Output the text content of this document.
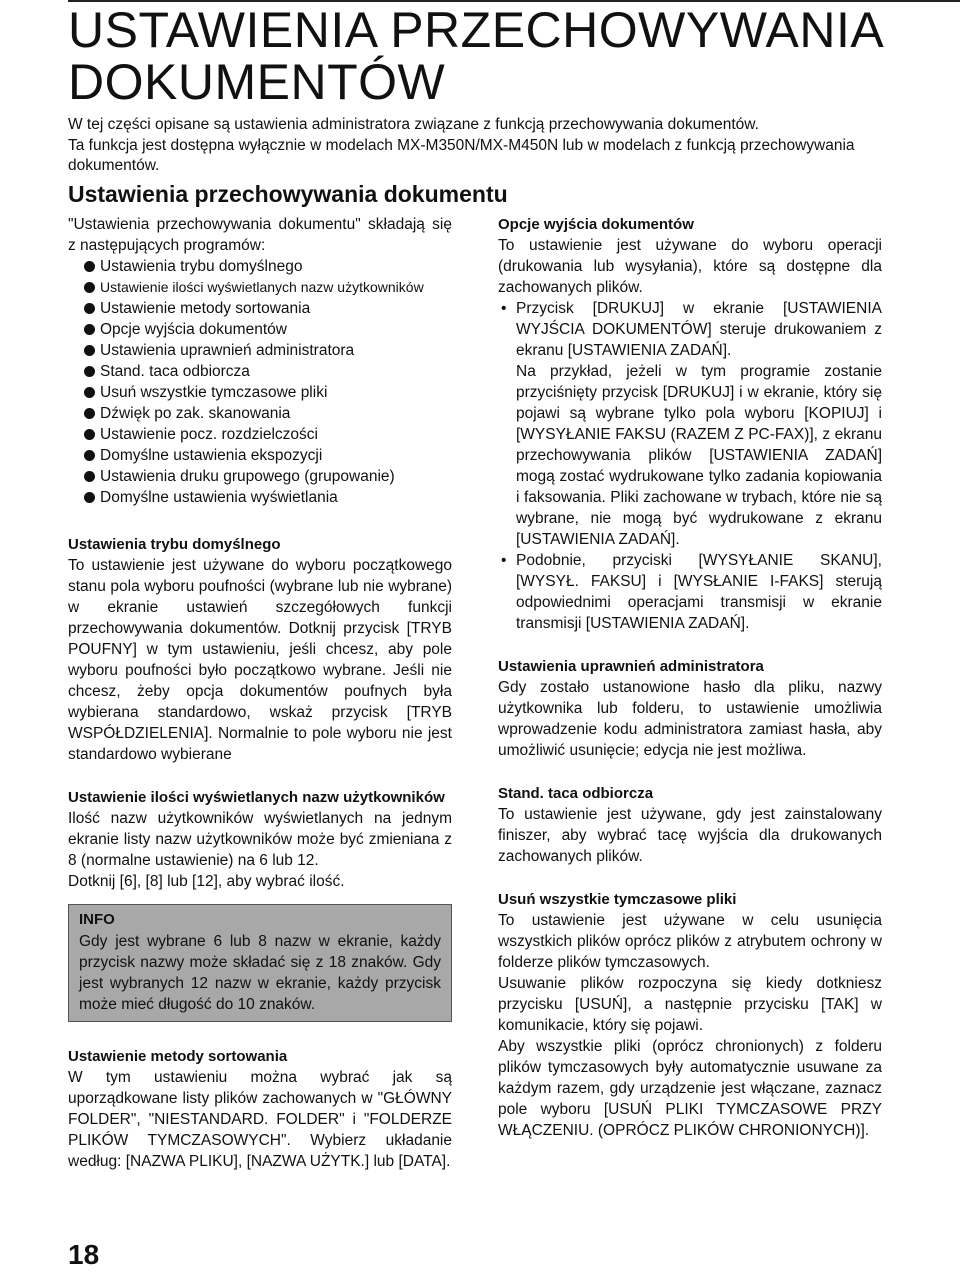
USTAWIENIA PRZECHOWYWANIA DOKUMENTÓW

W tej części opisane są ustawienia administratora związane z funkcją przechowywania dokumentów.

Ta funkcja jest dostępna wyłącznie w modelach MX-M350N/MX-M450N lub w modelach z funkcją przechowywania dokumentów.

Ustawienia przechowywania dokumentu

"Ustawienia przechowywania dokumentu" składają się z następujących programów:

Ustawienia trybu domyślnego
Ustawienie ilości wyświetlanych nazw użytkowników
Ustawienie metody sortowania
Opcje wyjścia dokumentów
Ustawienia uprawnień administratora
Stand. taca odbiorcza
Usuń wszystkie tymczasowe pliki
Dźwięk po zak. skanowania
Ustawienie pocz. rozdzielczości
Domyślne ustawienia ekspozycji
Ustawienia druku grupowego (grupowanie)
Domyślne ustawienia wyświetlania

Ustawienia trybu domyślnego

To ustawienie jest używane do wyboru początkowego stanu pola wyboru poufności (wybrane lub nie wybrane) w ekranie ustawień szczegółowych funkcji przechowywania dokumentów. Dotknij przycisk [TRYB POUFNY] w tym ustawieniu, jeśli chcesz, aby pole wyboru poufności było początkowo wybrane. Jeśli nie chcesz, żeby opcja dokumentów poufnych była wybierana standardowo, wskaż przycisk [TRYB WSPÓŁDZIELENIA]. Normalnie to pole wyboru nie jest standardowo wybierane

Ustawienie ilości wyświetlanych nazw użytkowników

Ilość nazw użytkowników wyświetlanych na jednym ekranie listy nazw użytkowników może być zmieniana z 8 (normalne ustawienie) na 6 lub 12.

Dotknij [6], [8] lub [12], aby wybrać ilość.

INFO

Gdy jest wybrane 6 lub 8 nazw w ekranie, każdy przycisk nazwy może składać się z 18 znaków. Gdy jest wybranych 12 nazw w ekranie, każdy przycisk może mieć długość do 10 znaków.

Ustawienie metody sortowania

W tym ustawieniu można wybrać jak są uporządkowane listy plików zachowanych w "GŁÓWNY FOLDER", "NIESTANDARD. FOLDER" i "FOLDERZE PLIKÓW TYMCZASOWYCH". Wybierz układanie według: [NAZWA PLIKU], [NAZWA UŻYTK.] lub [DATA].

Opcje wyjścia dokumentów

To ustawienie jest używane do wyboru operacji (drukowania lub wysyłania), które są dostępne dla zachowanych plików.

• Przycisk [DRUKUJ] w ekranie [USTAWIENIA WYJŚCIA DOKUMENTÓW] steruje drukowaniem z ekranu [USTAWIENIA ZADAŃ].

Na przykład, jeżeli w tym programie zostanie przyciśnięty przycisk [DRUKUJ] i w ekranie, który się pojawi są wybrane tylko pola wyboru [KOPIUJ] i [WYSYŁANIE FAKSU (RAZEM Z PC-FAX)], z ekranu przechowywania plików [USTAWIENIA ZADAŃ] mogą zostać wydrukowane tylko zadania kopiowania i faksowania. Pliki zachowane w trybach, które nie są wybrane, nie mogą być wydrukowane z ekranu [USTAWIENIA ZADAŃ].

• Podobnie, przyciski [WYSYŁANIE SKANU], [WYSYŁ. FAKSU] i [WYSŁANIE I-FAKS] sterują odpowiednimi operacjami transmisji w ekranie transmisji [USTAWIENIA ZADAŃ].

Ustawienia uprawnień administratora

Gdy zostało ustanowione hasło dla pliku, nazwy użytkownika lub folderu, to ustawienie umożliwia wprowadzenie kodu administratora zamiast hasła, aby umożliwić usunięcie; edycja nie jest możliwa.

Stand. taca odbiorcza

To ustawienie jest używane, gdy jest zainstalowany finiszer, aby wybrać tacę wyjścia dla drukowanych zachowanych plików.

Usuń wszystkie tymczasowe pliki

To ustawienie jest używane w celu usunięcia wszystkich plików oprócz plików z atrybutem ochrony w folderze plików tymczasowych.

Usuwanie plików rozpoczyna się kiedy dotkniesz przycisku [USUŃ], a następnie przycisku [TAK] w komunikacie, który się pojawi.

Aby wszystkie pliki (oprócz chronionych) z folderu plików tymczasowych były automatycznie usuwane za każdym razem, gdy urządzenie jest włączane, zaznacz pole wyboru [USUŃ PLIKI TYMCZASOWE PRZY WŁĄCZENIU. (OPRÓCZ PLIKÓW CHRONIONYCH)].

18
